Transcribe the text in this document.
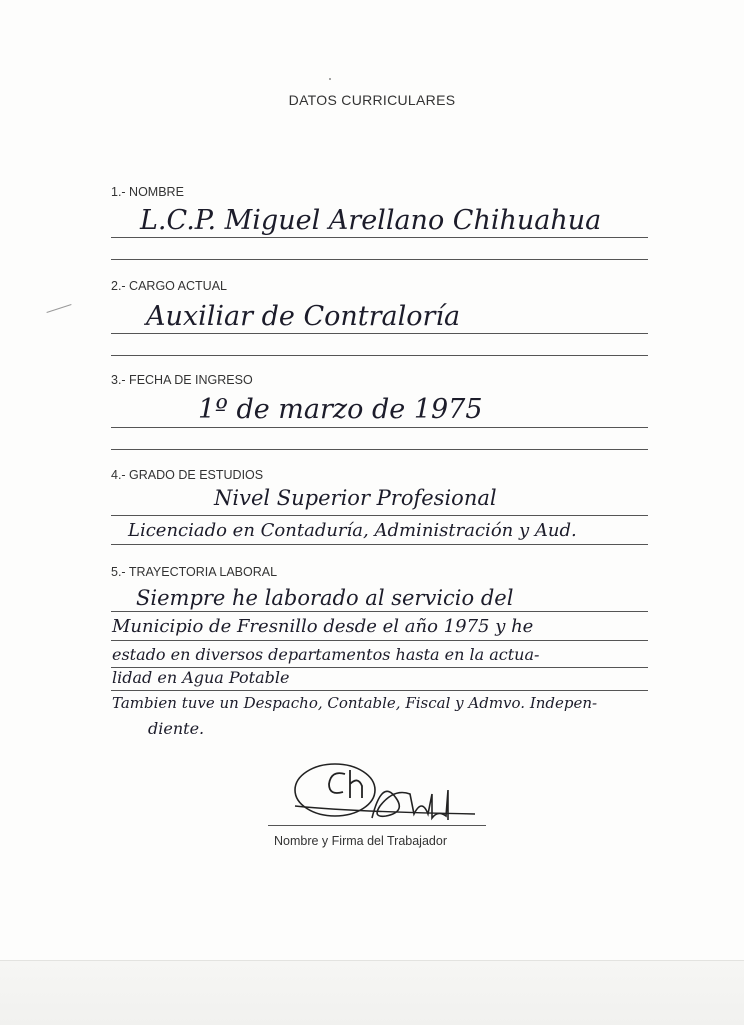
DATOS CURRICULARES
1.- NOMBRE
L.C.P. Miguel Arellano Chihuahua
2.- CARGO ACTUAL
Auxiliar de Contraloría
3.- FECHA DE INGRESO
1º de marzo de 1975
4.- GRADO DE ESTUDIOS
Nivel Superior Profesional
Licenciado en Contaduría, Administración y Aud.
5.- TRAYECTORIA LABORAL
Siempre he laborado al servicio del
Municipio de Fresnillo desde el año 1975 y he
estado en diversos departamentos hasta en la actua-
lidad en Agua Potable
Tambien tuve un Despacho, Contable, Fiscal y Admvo. Indepen-
diente.
Nombre y Firma del Trabajador
